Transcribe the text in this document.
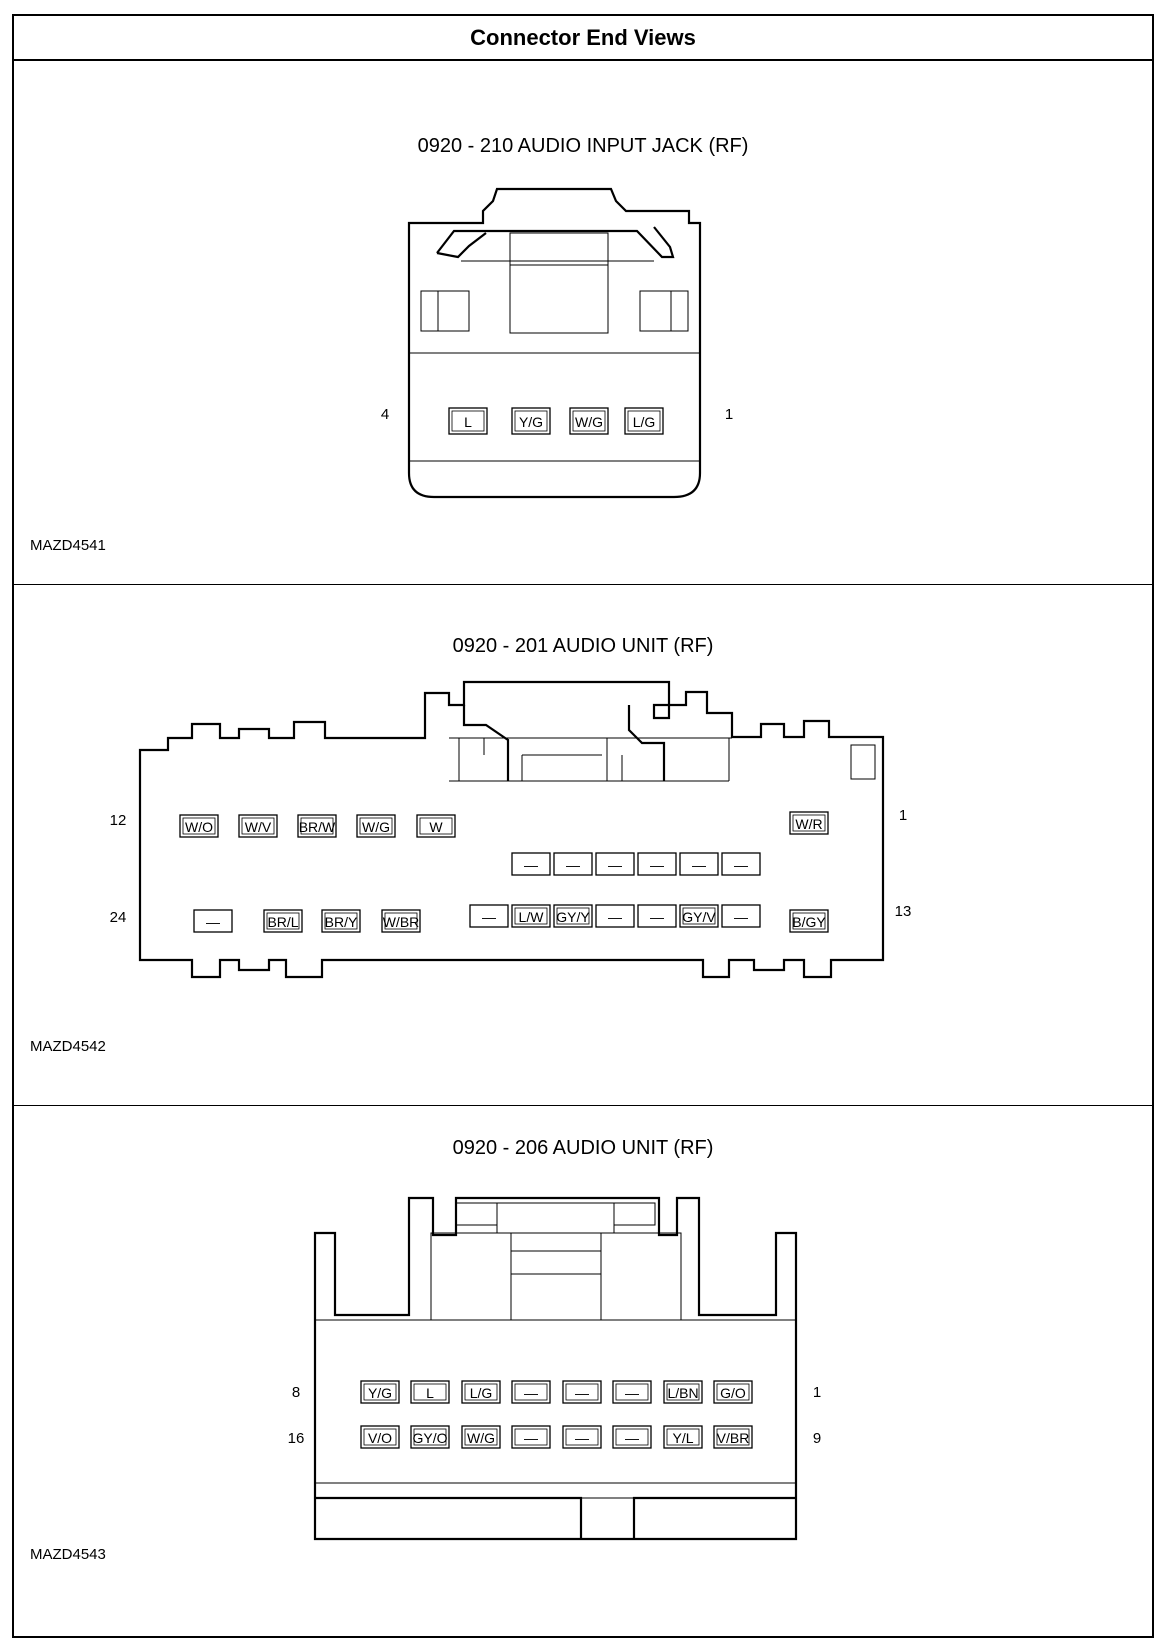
Connector End Views
0920 - 210 AUDIO INPUT JACK (RF)
L	Y/G W/G L/G
4	1
MAZD4541
0920 - 201 AUDIO UNIT (RF)
W/O W/V BR/W W/G	W	W/R
— — — — — —
—	BR/L BR/Y W/BR	— L/W GY/Y — — GY/V —	B/GY
12	1
24	13
MAZD4542
0920 - 206 AUDIO UNIT (RF)
Y/G L	L/G —	—	— L/BN G/O
V/O GY/O W/G —	—	— Y/L V/BR
8	1
16	9
MAZD4543
